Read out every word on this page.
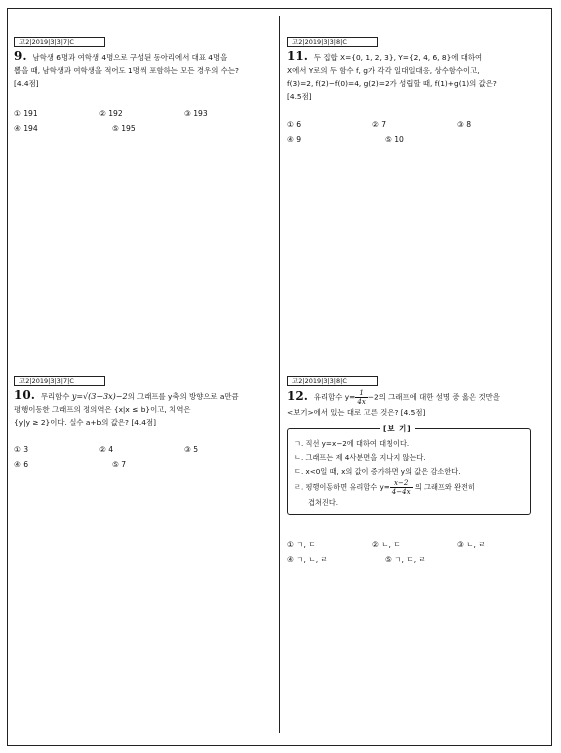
고2|2019|3|3|7|C
9. 남학생 6명과 여학생 4명으로 구성된 동아리에서 대표 4명을
뽑을 때, 남학생과 여학생을 적어도 1명씩 포함하는 모든 경우의 수는?
[4.4점]
① 191	② 192	③ 193
④ 194	⑤ 195
고2|2019|3|3|8|C
11. 두 집합 X={0, 1, 2, 3}, Y={2, 4, 6, 8}에 대하여
X에서 Y로의 두 함수 f, g가 각각 일대일대응, 상수함수이고,
f(3)=2, f(2)−f(0)=4, g(2)=2가 성립할 때, f(1)+g(1)의 값은?
[4.5점]
① 6	② 7	③ 8
④ 9	⑤ 10
고2|2019|3|3|7|C
10. 무리함수 y=√(3−3x)−2의 그래프를 y축의 방향으로 a만큼
평행이동한 그래프의 정의역은 {x|x ≤ b}이고, 치역은
{y|y ≥ 2}이다. 실수 a+b의 값은? [4.4점]
① 3	② 4	③ 5
④ 6	⑤ 7
고2|2019|3|3|8|C
12. 유리함수 $y= \frac{1}{4x} -2$의 그래프에 대한 설명 중 옳은 것만을
<보기>에서 있는 대로 고른 것은? [4.5점]
[보 기]
ㄱ. 직선 y=x−2에 대하여 대칭이다.
ㄴ. 그래프는 제 4사분면을 지나지 않는다.
ㄷ. x<0일 때, x의 값이 증가하면 y의 값은 감소한다.
ㄹ. 평행이동하면 유리함수 $y= \frac{x-2}{4-4x}$ 의 그래프와 완전히
겹쳐진다.
① ㄱ, ㄷ	② ㄴ, ㄷ	③ ㄴ, ㄹ
④ ㄱ, ㄴ, ㄹ	⑤ ㄱ, ㄷ, ㄹ
